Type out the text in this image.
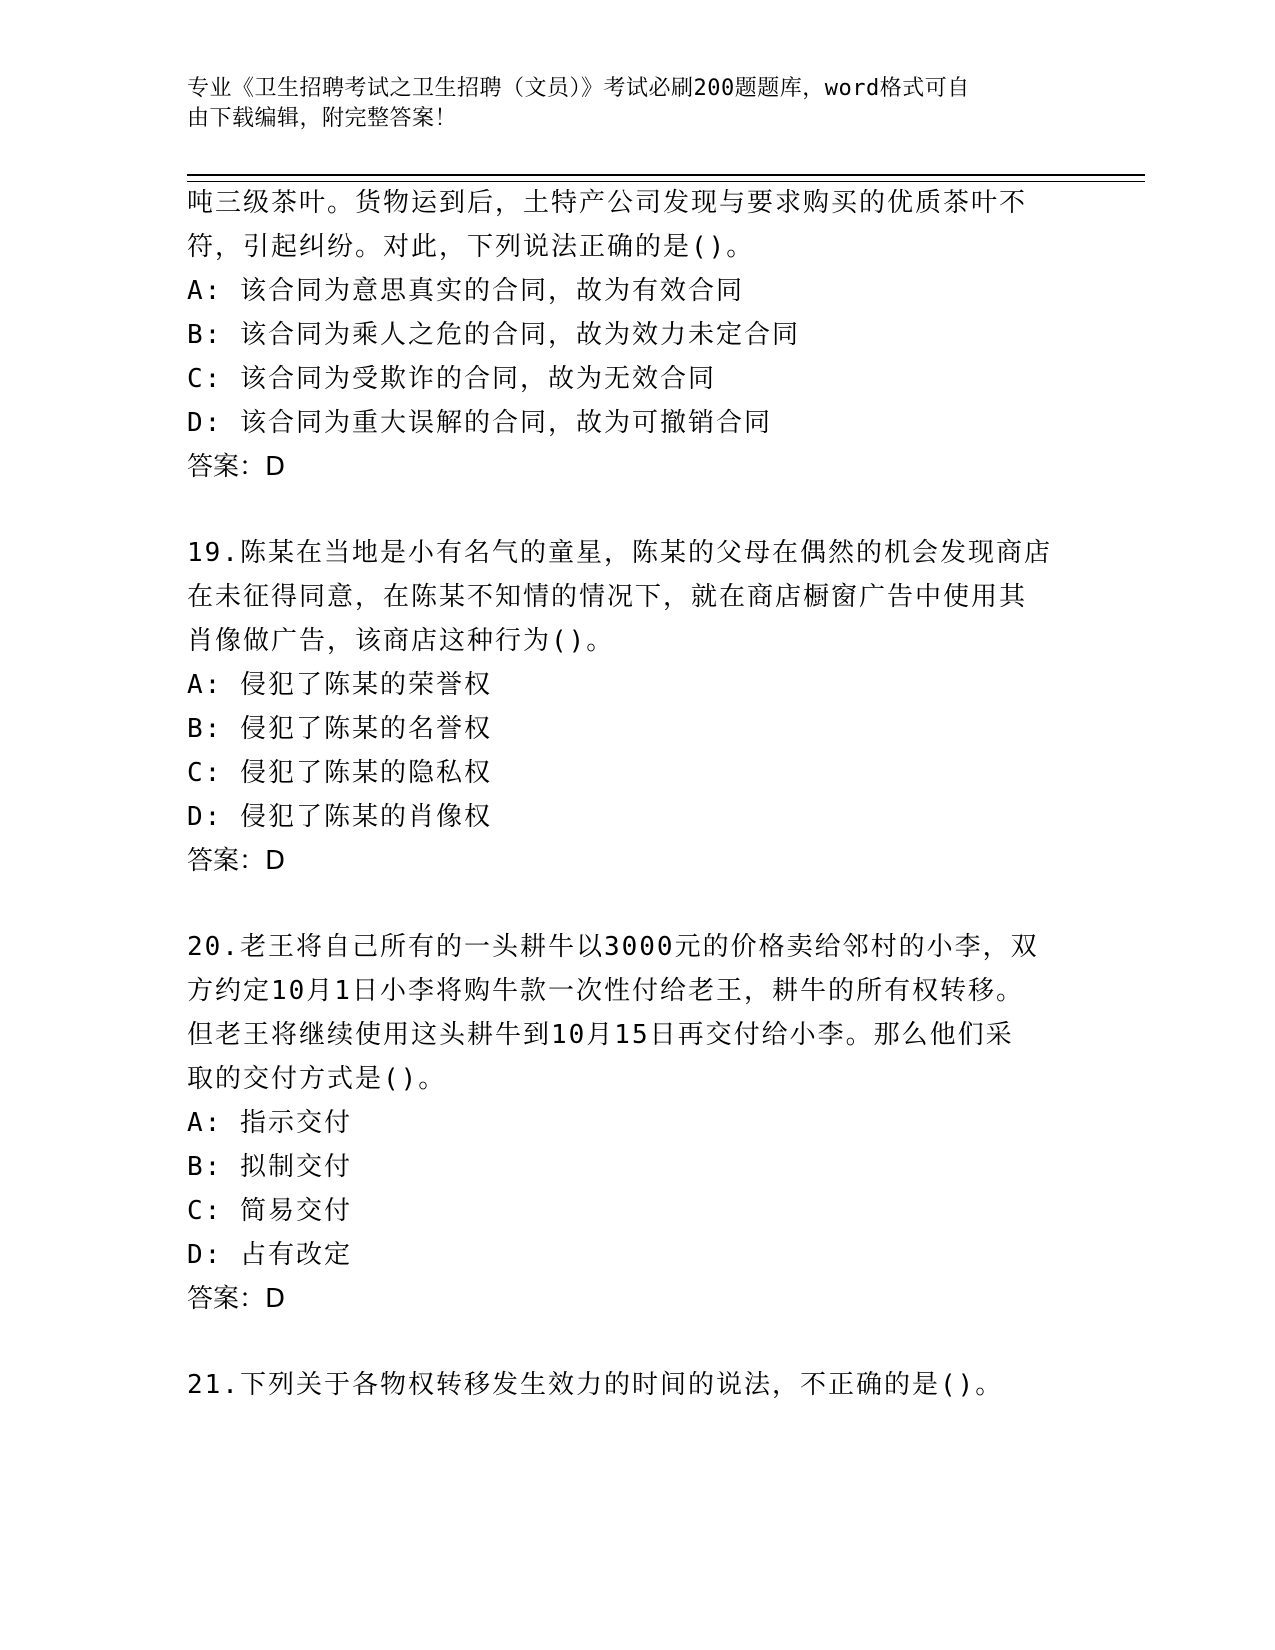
专业《卫生招聘考试之卫生招聘（文员）》考试必刷200题题库，word格式可自
由下载编辑，附完整答案！
吨三级茶叶。货物运到后，土特产公司发现与要求购买的优质茶叶不
符，引起纠纷。对此，下列说法正确的是()。
A: 该合同为意思真实的合同，故为有效合同
B: 该合同为乘人之危的合同，故为效力未定合同
C: 该合同为受欺诈的合同，故为无效合同
D: 该合同为重大误解的合同，故为可撤销合同
答案：D
19.陈某在当地是小有名气的童星，陈某的父母在偶然的机会发现商店
在未征得同意，在陈某不知情的情况下，就在商店橱窗广告中使用其
肖像做广告，该商店这种行为()。
A: 侵犯了陈某的荣誉权
B: 侵犯了陈某的名誉权
C: 侵犯了陈某的隐私权
D: 侵犯了陈某的肖像权
答案：D
20.老王将自己所有的一头耕牛以3000元的价格卖给邻村的小李，双
方约定10月1日小李将购牛款一次性付给老王，耕牛的所有权转移。
但老王将继续使用这头耕牛到10月15日再交付给小李。那么他们采
取的交付方式是()。
A: 指示交付
B: 拟制交付
C: 简易交付
D: 占有改定
答案：D
21.下列关于各物权转移发生效力的时间的说法，不正确的是()。
